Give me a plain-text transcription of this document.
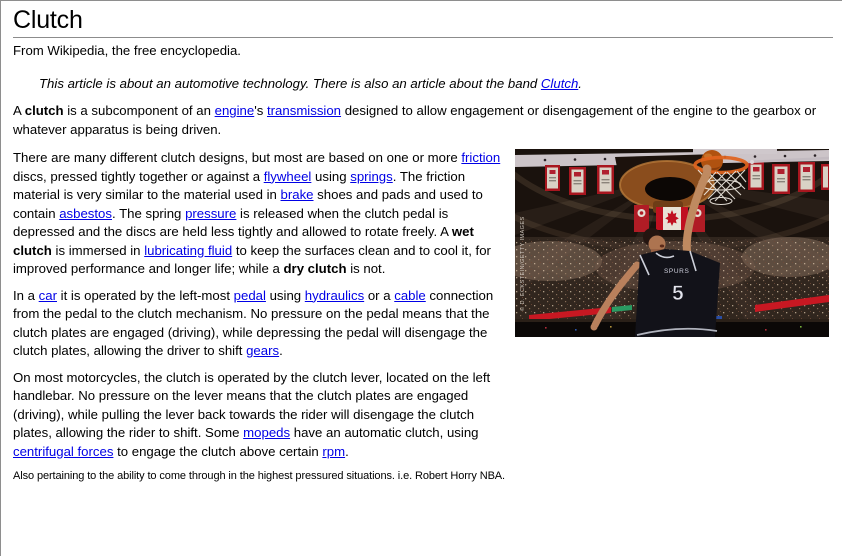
Clutch
From Wikipedia, the free encyclopedia.
This article is about an automotive technology. There is also an article about the band Clutch.

A clutch is a subcomponent of an engine's transmission designed to allow engagement or disengagement of the engine to the gearbox or whatever apparatus is being driven.

There are many different clutch designs, but most are based on one or more friction discs, pressed tightly together or against a flywheel using springs. The friction material is very similar to the material used in brake shoes and pads and used to contain asbestos. The spring pressure is released when the clutch pedal is depressed and the discs are held less tightly and allowed to rotate freely. A wet clutch is immersed in lubricating fluid to keep the surfaces clean and to cool it, for improved performance and longer life; while a dry clutch is not.

In a car it is operated by the left-most pedal using hydraulics or a cable connection from the pedal to the clutch mechanism. No pressure on the pedal means that the clutch plates are engaged (driving), while depressing the pedal will disengage the clutch plates, allowing the driver to shift gears.

On most motorcycles, the clutch is operated by the clutch lever, located on the left handlebar. No pressure on the lever means that the clutch plates are engaged (driving), while pulling the lever back towards the rider will disengage the clutch plates, allowing the rider to shift. Some mopeds have an automatic clutch, using centrifugal forces to engage the clutch above certain rpm.

SPURS
5
© D. ECKSTEIN/GETTY IMAGES
Also pertaining to the ability to come through in the highest pressured situations. i.e. Robert Horry NBA.
